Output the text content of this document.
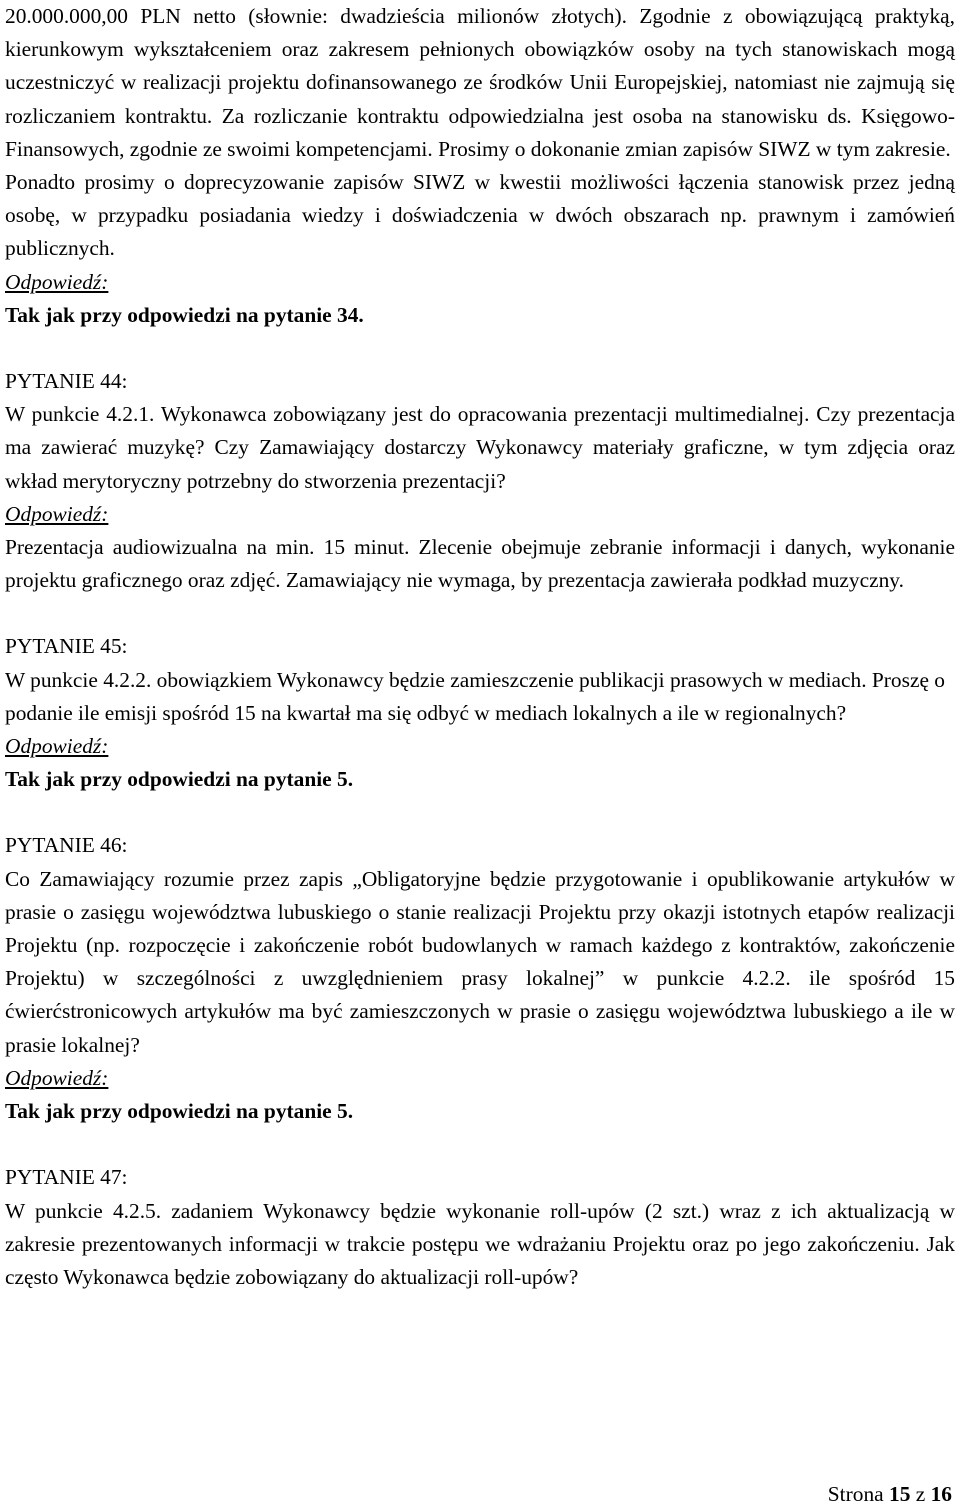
20.000.000,00 PLN netto (słownie: dwadzieścia milionów złotych). Zgodnie z obowiązującą praktyką, kierunkowym wykształceniem oraz zakresem pełnionych obowiązków osoby na tych stanowiskach mogą uczestniczyć w realizacji projektu dofinansowanego ze środków Unii Europejskiej, natomiast nie zajmują się rozliczaniem kontraktu. Za rozliczanie kontraktu odpowiedzialna jest osoba na stanowisku ds. Księgowo-Finansowych, zgodnie ze swoimi kompetencjami. Prosimy o dokonanie zmian zapisów SIWZ w tym zakresie.

Ponadto prosimy o doprecyzowanie zapisów SIWZ w kwestii możliwości łączenia stanowisk przez jedną osobę, w przypadku posiadania wiedzy i doświadczenia w dwóch obszarach np. prawnym i zamówień publicznych.

Odpowiedź:

Tak jak przy odpowiedzi na pytanie 34.

PYTANIE 44:

W punkcie 4.2.1. Wykonawca zobowiązany jest do opracowania prezentacji multimedialnej. Czy prezentacja ma zawierać muzykę? Czy Zamawiający dostarczy Wykonawcy materiały graficzne, w tym zdjęcia oraz wkład merytoryczny potrzebny do stworzenia prezentacji?

Odpowiedź:

Prezentacja audiowizualna na min. 15 minut. Zlecenie obejmuje zebranie informacji i danych, wykonanie projektu graficznego oraz zdjęć. Zamawiający nie wymaga, by prezentacja zawierała podkład muzyczny.

PYTANIE 45:

W punkcie 4.2.2. obowiązkiem Wykonawcy będzie zamieszczenie publikacji prasowych w mediach. Proszę o podanie ile emisji spośród 15 na kwartał ma się odbyć w mediach lokalnych a ile w regionalnych?

Odpowiedź:

Tak jak przy odpowiedzi na pytanie 5.

PYTANIE 46:

Co Zamawiający rozumie przez zapis „Obligatoryjne będzie przygotowanie i opublikowanie artykułów w prasie o zasięgu województwa lubuskiego o stanie realizacji Projektu przy okazji istotnych etapów realizacji Projektu (np. rozpoczęcie i zakończenie robót budowlanych w ramach każdego z kontraktów, zakończenie Projektu) w szczególności z uwzględnieniem prasy lokalnej” w punkcie 4.2.2. ile spośród 15 ćwierćstronicowych artykułów ma być zamieszczonych w prasie o zasięgu województwa lubuskiego a ile w prasie lokalnej?

Odpowiedź:

Tak jak przy odpowiedzi na pytanie 5.

PYTANIE 47:

W punkcie 4.2.5. zadaniem Wykonawcy będzie wykonanie roll-upów (2 szt.) wraz z ich aktualizacją w zakresie prezentowanych informacji w trakcie postępu we wdrażaniu Projektu oraz po jego zakończeniu. Jak często Wykonawca będzie zobowiązany do aktualizacji roll-upów?

Strona 15 z 16
